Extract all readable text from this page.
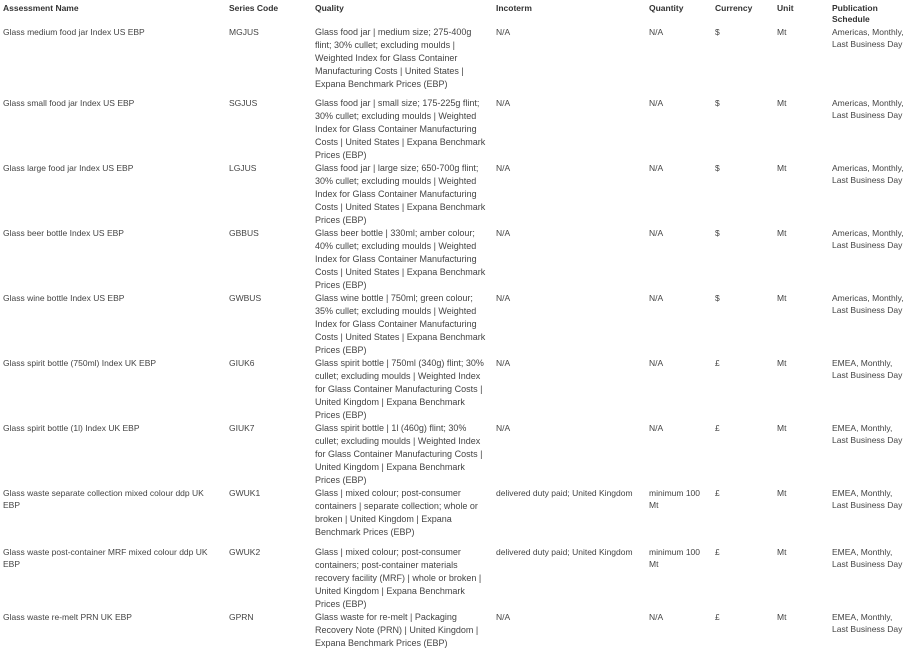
Assessment Name	Series Code	Quality	Incoterm	Quantity	Currency	Unit	Publication Schedule
Glass medium food jar Index US EBP	MGJUS	Glass food jar | medium size; 275-400g flint; 30% cullet; excluding moulds | Weighted Index for Glass Container Manufacturing Costs | United States | Expana Benchmark Prices (EBP)	N/A	N/A	$	Mt	Americas, Monthly, Last Business Day
Glass small food jar Index US EBP	SGJUS	Glass food jar | small size; 175-225g flint; 30% cullet; excluding moulds | Weighted Index for Glass Container Manufacturing Costs | United States | Expana Benchmark Prices (EBP)	N/A	N/A	$	Mt	Americas, Monthly, Last Business Day
Glass large food jar Index US EBP	LGJUS	Glass food jar | large size; 650-700g flint; 30% cullet; excluding moulds | Weighted Index for Glass Container Manufacturing Costs | United States | Expana Benchmark Prices (EBP)	N/A	N/A	$	Mt	Americas, Monthly, Last Business Day
Glass beer bottle Index US EBP	GBBUS	Glass beer bottle | 330ml; amber colour; 40% cullet; excluding moulds | Weighted Index for Glass Container Manufacturing Costs | United States | Expana Benchmark Prices (EBP)	N/A	N/A	$	Mt	Americas, Monthly, Last Business Day
Glass wine bottle Index US EBP	GWBUS	Glass wine bottle | 750ml; green colour; 35% cullet; excluding moulds | Weighted Index for Glass Container Manufacturing Costs | United States | Expana Benchmark Prices (EBP)	N/A	N/A	$	Mt	Americas, Monthly, Last Business Day
Glass spirit bottle (750ml) Index UK EBP	GIUK6	Glass spirit bottle | 750ml (340g) flint; 30% cullet; excluding moulds | Weighted Index for Glass Container Manufacturing Costs | United Kingdom | Expana Benchmark Prices (EBP)	N/A	N/A	£	Mt	EMEA, Monthly, Last Business Day
Glass spirit bottle (1l) Index UK EBP	GIUK7	Glass spirit bottle | 1l (460g) flint; 30% cullet; excluding moulds | Weighted Index for Glass Container Manufacturing Costs | United Kingdom | Expana Benchmark Prices (EBP)	N/A	N/A	£	Mt	EMEA, Monthly, Last Business Day
Glass waste separate collection mixed colour ddp UK EBP	GWUK1	Glass | mixed colour; post-consumer containers | separate collection; whole or broken | United Kingdom | Expana Benchmark Prices (EBP)	delivered duty paid; United Kingdom	minimum 100 Mt	£	Mt	EMEA, Monthly, Last Business Day
Glass waste post-container MRF mixed colour ddp UK EBP	GWUK2	Glass | mixed colour; post-consumer containers; post-container materials recovery facility (MRF) | whole or broken | United Kingdom | Expana Benchmark Prices (EBP)	delivered duty paid; United Kingdom	minimum 100 Mt	£	Mt	EMEA, Monthly, Last Business Day
Glass waste re-melt PRN UK EBP	GPRN	Glass waste for re-melt | Packaging Recovery Note (PRN) | United Kingdom | Expana Benchmark Prices (EBP)	N/A	N/A	£	Mt	EMEA, Monthly, Last Business Day
